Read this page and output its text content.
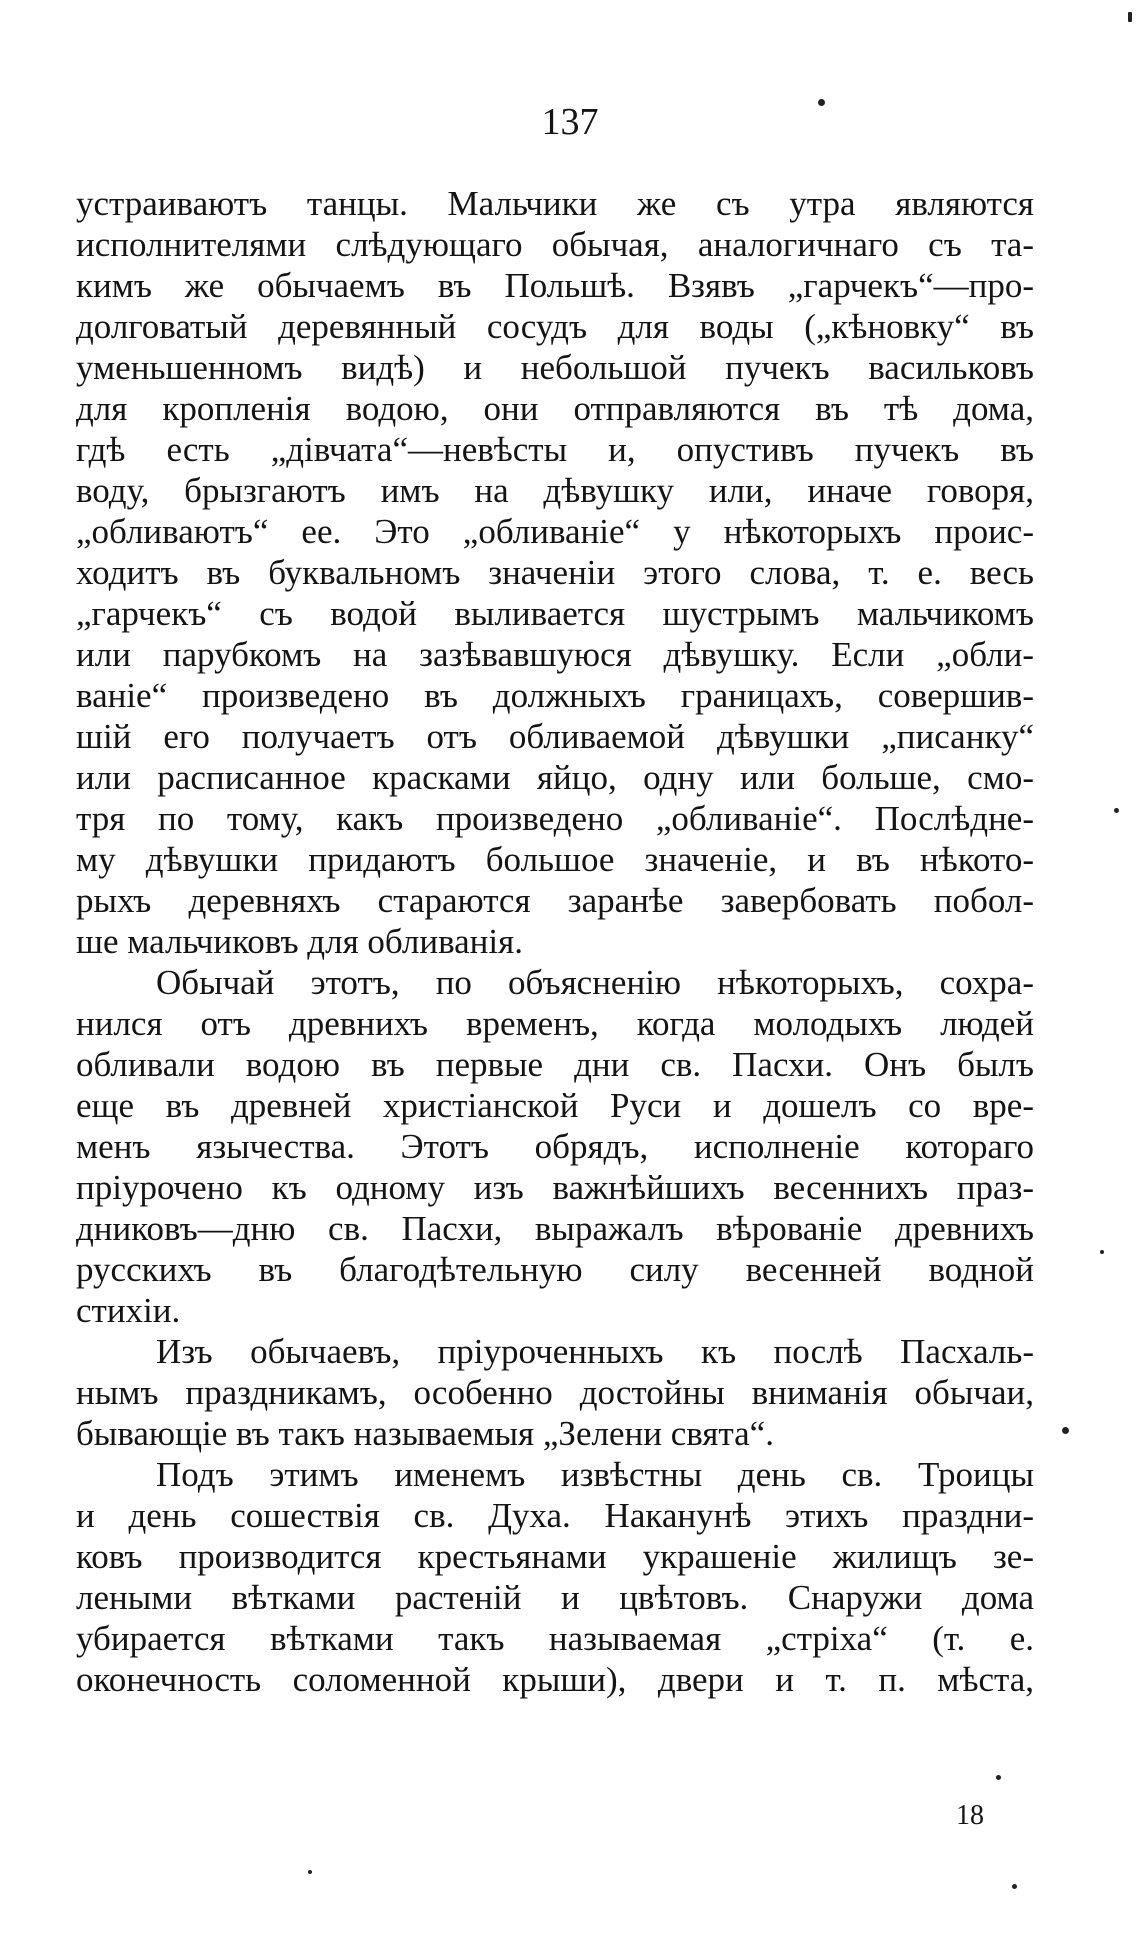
137
устраиваютъ танцы. Мальчики же съ утра являются
исполнителями слѣдующаго обычая, аналогичнаго съ та-
кимъ же обычаемъ въ Польшѣ. Взявъ „гарчекъ“—про-
долговатый деревянный сосудъ для воды („кѣновку“ въ
уменьшенномъ видѣ) и небольшой пучекъ васильковъ
для кропленія водою, они отправляются въ тѣ дома,
гдѣ есть „дівчата“—невѣсты и, опустивъ пучекъ въ
воду, брызгаютъ имъ на дѣвушку или, иначе говоря,
„обливаютъ“ ее. Это „обливаніе“ у нѣкоторыхъ проис-
ходитъ въ буквальномъ значеніи этого слова, т. е. весь
„гарчекъ“ съ водой выливается шустрымъ мальчикомъ
или парубкомъ на зазѣвавшуюся дѣвушку. Если „обли-
ваніе“ произведено въ должныхъ границахъ, совершив-
шій его получаетъ отъ обливаемой дѣвушки „писанку“
или расписанное красками яйцо, одну или больше, смо-
тря по тому, какъ произведено „обливаніе“. Послѣдне-
му дѣвушки придаютъ большое значеніе, и въ нѣкото-
рыхъ деревняхъ стараются заранѣе завербовать побол-
ше мальчиковъ для обливанія.
Обычай этотъ, по объясненію нѣкоторыхъ, сохра-
нился отъ древнихъ временъ, когда молодыхъ людей
обливали водою въ первые дни св. Пасхи. Онъ былъ
еще въ древней христіанской Руси и дошелъ со вре-
менъ язычества. Этотъ обрядъ, исполненіе котораго
пріурочено къ одному изъ важнѣйшихъ весеннихъ праз-
дниковъ—дню св. Пасхи, выражалъ вѣрованіе древнихъ
русскихъ въ благодѣтельную силу весенней водной
стихіи.
Изъ обычаевъ, пріуроченныхъ къ послѣ Пасхаль-
нымъ праздникамъ, особенно достойны вниманія обычаи,
бывающіе въ такъ называемыя „Зелени свята“.
Подъ этимъ именемъ извѣстны день св. Троицы
и день сошествія св. Духа. Наканунѣ этихъ праздни-
ковъ производится крестьянами украшеніе жилищъ зе-
леными вѣтками растеній и цвѣтовъ. Снаружи дома
убирается вѣтками такъ называемая „стріха“ (т. е.
оконечность соломенной крыши), двери и т. п. мѣста,
18
